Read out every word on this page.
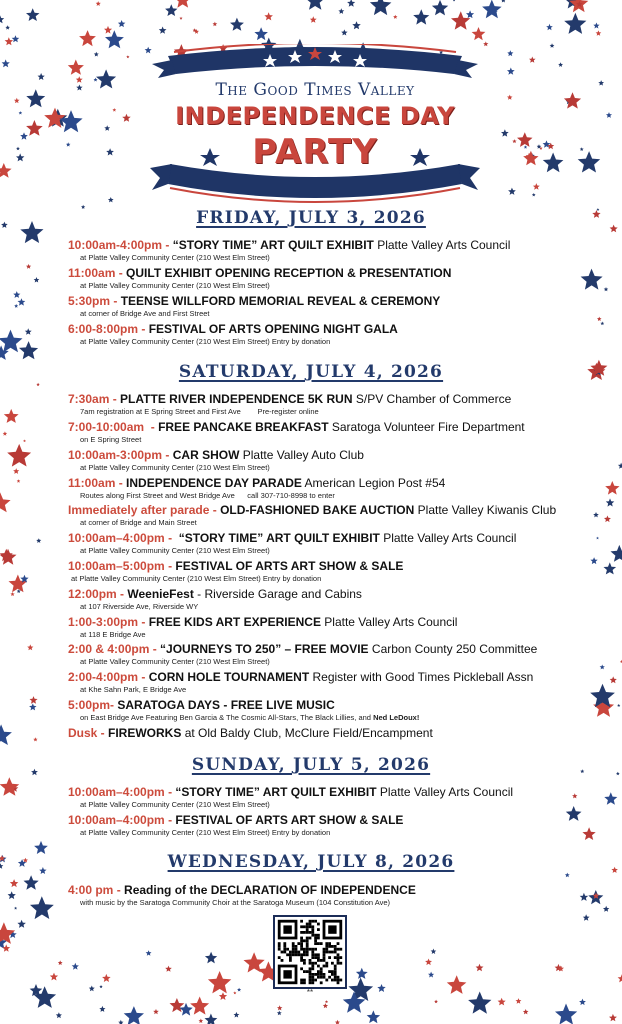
The Good Times Valley
INDEPENDENCE DAY
PARTY
FRIDAY, JULY 3, 2026
10:00am-4:00pm - “STORY TIME” ART QUILT EXHIBIT Platte Valley Arts Council
at Platte Valley Community Center (210 West Elm Street)
11:00am - QUILT EXHIBIT OPENING RECEPTION & PRESENTATION
at Platte Valley Community Center (210 West Elm Street)
5:30pm - TEENSE WILLFORD MEMORIAL REVEAL & CEREMONY
at corner of Bridge Ave and First Street
6:00-8:00pm - FESTIVAL OF ARTS OPENING NIGHT GALA
at Platte Valley Community Center (210 West Elm Street) Entry by donation
SATURDAY, JULY 4, 2026
7:30am - PLATTE RIVER INDEPENDENCE 5K RUN S/PV Chamber of Commerce
7am registration at E Spring Street and First Ave        Pre-register online
7:00-10:00am  - FREE PANCAKE BREAKFAST Saratoga Volunteer Fire Department
on E Spring Street
10:00am-3:00pm - CAR SHOW Platte Valley Auto Club
at Platte Valley Community Center (210 West Elm Street)
11:00am - INDEPENDENCE DAY PARADE American Legion Post #54
Routes along First Street and West Bridge Ave      call 307-710-8998 to enter
Immediately after parade - OLD-FASHIONED BAKE AUCTION Platte Valley Kiwanis Club
at corner of Bridge and Main Street
10:00am–4:00pm -  “STORY TIME” ART QUILT EXHIBIT Platte Valley Arts Council
at Platte Valley Community Center (210 West Elm Street)
10:00am–5:00pm - FESTIVAL OF ARTS ART SHOW & SALE
at Platte Valley Community Center (210 West Elm Street) Entry by donation
12:00pm - WeenieFest - Riverside Garage and Cabins
at 107 Riverside Ave, Riverside WY
1:00-3:00pm - FREE KIDS ART EXPERIENCE Platte Valley Arts Council
at 118 E Bridge Ave
2:00 & 4:00pm - “JOURNEYS TO 250” – FREE MOVIE Carbon County 250 Committee
at Platte Valley Community Center (210 West Elm Street)
2:00-4:00pm - CORN HOLE TOURNAMENT Register with Good Times Pickleball Assn
at Khe Sahn Park, E Bridge Ave
5:00pm- SARATOGA DAYS - FREE LIVE MUSIC
on East Bridge Ave Featuring Ben Garcia & The Cosmic All-Stars, The Black Lillies, and Ned LeDoux!
Dusk - FIREWORKS at Old Baldy Club, McClure Field/Encampment
SUNDAY, JULY 5, 2026
10:00am–4:00pm - “STORY TIME” ART QUILT EXHIBIT Platte Valley Arts Council
at Platte Valley Community Center (210 West Elm Street)
10:00am–4:00pm - FESTIVAL OF ARTS ART SHOW & SALE
at Platte Valley Community Center (210 West Elm Street) Entry by donation
WEDNESDAY, JULY 8, 2026
4:00 pm - Reading of the DECLARATION OF INDEPENDENCE
with music by the Saratoga Community Choir at the Saratoga Museum (104 Constitution Ave)
**
